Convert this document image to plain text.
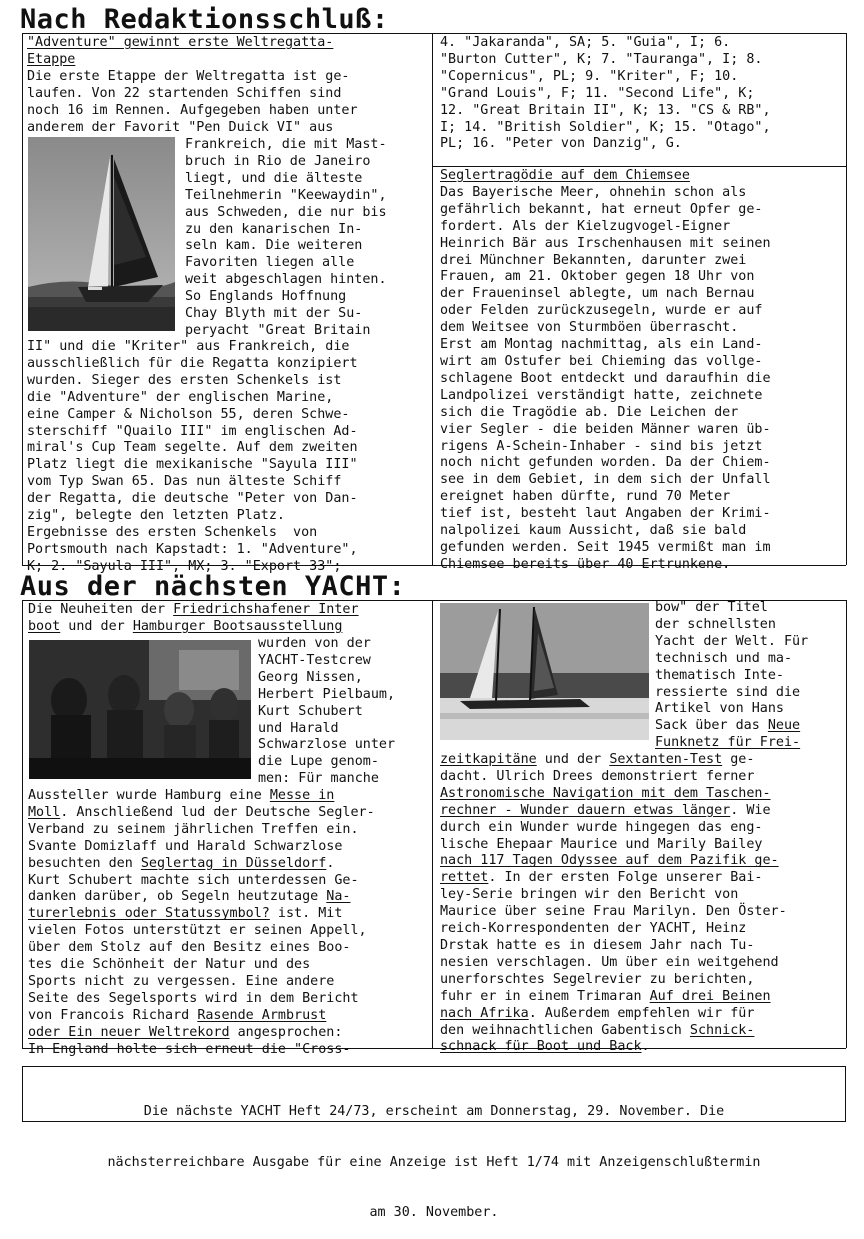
Nach Redaktionsschluß:
"Adventure" gewinnt erste Weltregatta-
Etappe
Die erste Etappe der Weltregatta ist ge-
laufen. Von 22 startenden Schiffen sind
noch 16 im Rennen. Aufgegeben haben unter
anderem der Favorit "Pen Duick VI" aus
Frankreich, die mit Mast-
bruch in Rio de Janeiro
liegt, und die älteste
Teilnehmerin "Keewaydin",
aus Schweden, die nur bis
zu den kanarischen In-
seln kam. Die weiteren
Favoriten liegen alle
weit abgeschlagen hinten.
So Englands Hoffnung
Chay Blyth mit der Su-
peryacht "Great Britain
II" und die "Kriter" aus Frankreich, die
ausschließlich für die Regatta konzipiert
wurden. Sieger des ersten Schenkels ist
die "Adventure" der englischen Marine,
eine Camper & Nicholson 55, deren Schwe-
sterschiff "Quailo III" im englischen Ad-
miral's Cup Team segelte. Auf dem zweiten
Platz liegt die mexikanische "Sayula III"
vom Typ Swan 65. Das nun älteste Schiff
der Regatta, die deutsche "Peter von Dan-
zig", belegte den letzten Platz.
Ergebnisse des ersten Schenkels  von
Portsmouth nach Kapstadt: 1. "Adventure",
K; 2. "Sayula III", MX; 3. "Export 33";
4. "Jakaranda", SA; 5. "Guia", I; 6.
"Burton Cutter", K; 7. "Tauranga", I; 8.
"Copernicus", PL; 9. "Kriter", F; 10.
"Grand Louis", F; 11. "Second Life", K;
12. "Great Britain II", K; 13. "CS & RB",
I; 14. "British Soldier", K; 15. "Otago",
PL; 16. "Peter von Danzig", G.
Seglertragödie auf dem Chiemsee
Das Bayerische Meer, ohnehin schon als
gefährlich bekannt, hat erneut Opfer ge-
fordert. Als der Kielzugvogel-Eigner
Heinrich Bär aus Irschenhausen mit seinen
drei Münchner Bekannten, darunter zwei
Frauen, am 21. Oktober gegen 18 Uhr von
der Fraueninsel ablegte, um nach Bernau
oder Felden zurückzusegeln, wurde er auf
dem Weitsee von Sturmböen überrascht.
Erst am Montag nachmittag, als ein Land-
wirt am Ostufer bei Chieming das vollge-
schlagene Boot entdeckt und daraufhin die
Landpolizei verständigt hatte, zeichnete
sich die Tragödie ab. Die Leichen der
vier Segler - die beiden Männer waren üb-
rigens A-Schein-Inhaber - sind bis jetzt
noch nicht gefunden worden. Da der Chiem-
see in dem Gebiet, in dem sich der Unfall
ereignet haben dürfte, rund 70 Meter
tief ist, besteht laut Angaben der Krimi-
nalpolizei kaum Aussicht, daß sie bald
gefunden werden. Seit 1945 vermißt man im
Chiemsee bereits über 40 Ertrunkene.
Aus der nächsten YACHT:
Die Neuheiten der Friedrichshafener Inter
boot und der Hamburger Bootsausstellung
wurden von der
YACHT-Testcrew
Georg Nissen,
Herbert Pielbaum,
Kurt Schubert
und Harald
Schwarzlose unter
die Lupe genom-
men: Für manche
Aussteller wurde Hamburg eine Messe in
Moll. Anschließend lud der Deutsche Segler-
Verband zu seinem jährlichen Treffen ein.
Svante Domizlaff und Harald Schwarzlose
besuchten den Seglertag in Düsseldorf.
Kurt Schubert machte sich unterdessen Ge-
danken darüber, ob Segeln heutzutage Na-
turerlebnis oder Statussymbol? ist. Mit
vielen Fotos unterstützt er seinen Appell,
über dem Stolz auf den Besitz eines Boo-
tes die Schönheit der Natur und des
Sports nicht zu vergessen. Eine andere
Seite des Segelsports wird in dem Bericht
von Francois Richard Rasende Armbrust
oder Ein neuer Weltrekord angesprochen:
In England holte sich erneut die "Cross-
bow" der Titel
der schnellsten
Yacht der Welt. Für
technisch und ma-
thematisch Inte-
ressierte sind die
Artikel von Hans
Sack über das Neue
Funknetz für Frei-
zeitkapitäne und der Sextanten-Test ge-
dacht. Ulrich Drees demonstriert ferner
Astronomische Navigation mit dem Taschen-
rechner - Wunder dauern etwas länger. Wie
durch ein Wunder wurde hingegen das eng-
lische Ehepaar Maurice und Marily Bailey
nach 117 Tagen Odyssee auf dem Pazifik ge-
rettet. In der ersten Folge unserer Bai-
ley-Serie bringen wir den Bericht von
Maurice über seine Frau Marilyn. Den Öster-
reich-Korrespondenten der YACHT, Heinz
Drstak hatte es in diesem Jahr nach Tu-
nesien verschlagen. Um über ein weitgehend
unerforschtes Segelrevier zu berichten,
fuhr er in einem Trimaran Auf drei Beinen
nach Afrika. Außerdem empfehlen wir für
den weihnachtlichen Gabentisch Schnick-
schnack für Boot und Back.

Die nächste YACHT Heft 24/73, erscheint am Donnerstag, 29. November. Die

nächsterreichbare Ausgabe für eine Anzeige ist Heft 1/74 mit Anzeigenschlußtermin

am 30. November.
